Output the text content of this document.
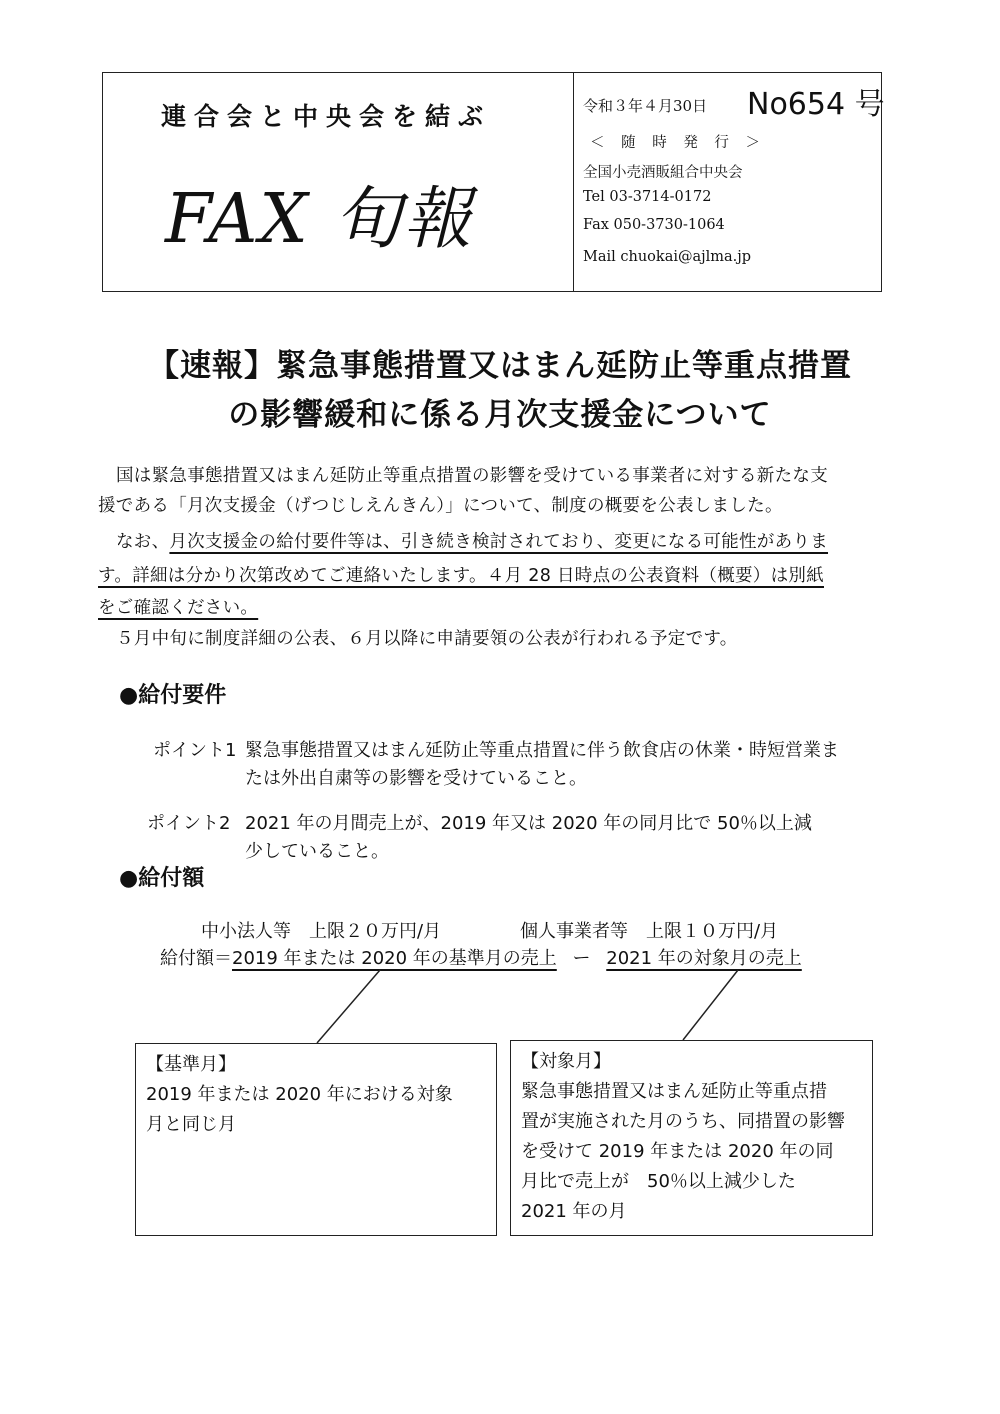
連合会と中央会を結ぶ
FAX 旬報
令和３年４月30日 No654 号
＜ 随 時 発 行 ＞
全国小売酒販組合中央会
Tel 03-3714-0172
Fax 050-3730-1064
Mail chuokai@ajlma.jp
【速報】緊急事態措置又はまん延防止等重点措置
の影響緩和に係る月次支援金について
国は緊急事態措置又はまん延防止等重点措置の影響を受けている事業者に対する新たな支
援である「月次支援金（げつじしえんきん）」について、制度の概要を公表しました。
なお、月次支援金の給付要件等は、引き続き検討されており、変更になる可能性がありま
す。詳細は分かり次第改めてご連絡いたします。４月 28 日時点の公表資料（概要）は別紙
をご確認ください。
５月中旬に制度詳細の公表、６月以降に申請要領の公表が行われる予定です。
●給付要件
ポイント1 緊急事態措置又はまん延防止等重点措置に伴う飲食店の休業・時短営業ま
たは外出自粛等の影響を受けていること。
ポイント2 2021 年の月間売上が、2019 年又は 2020 年の同月比で 50％以上減
少していること。
●給付額
中小法人等　上限２０万円/月	個人事業者等　上限１０万円/月
給付額＝2019 年または 2020 年の基準月の売上 ー 2021 年の対象月の売上
【基準月】
2019 年または 2020 年における対象
月と同じ月
【対象月】
緊急事態措置又はまん延防止等重点措
置が実施された月のうち、同措置の影響
を受けて 2019 年または 2020 年の同
月比で売上が　50％以上減少した
2021 年の月
